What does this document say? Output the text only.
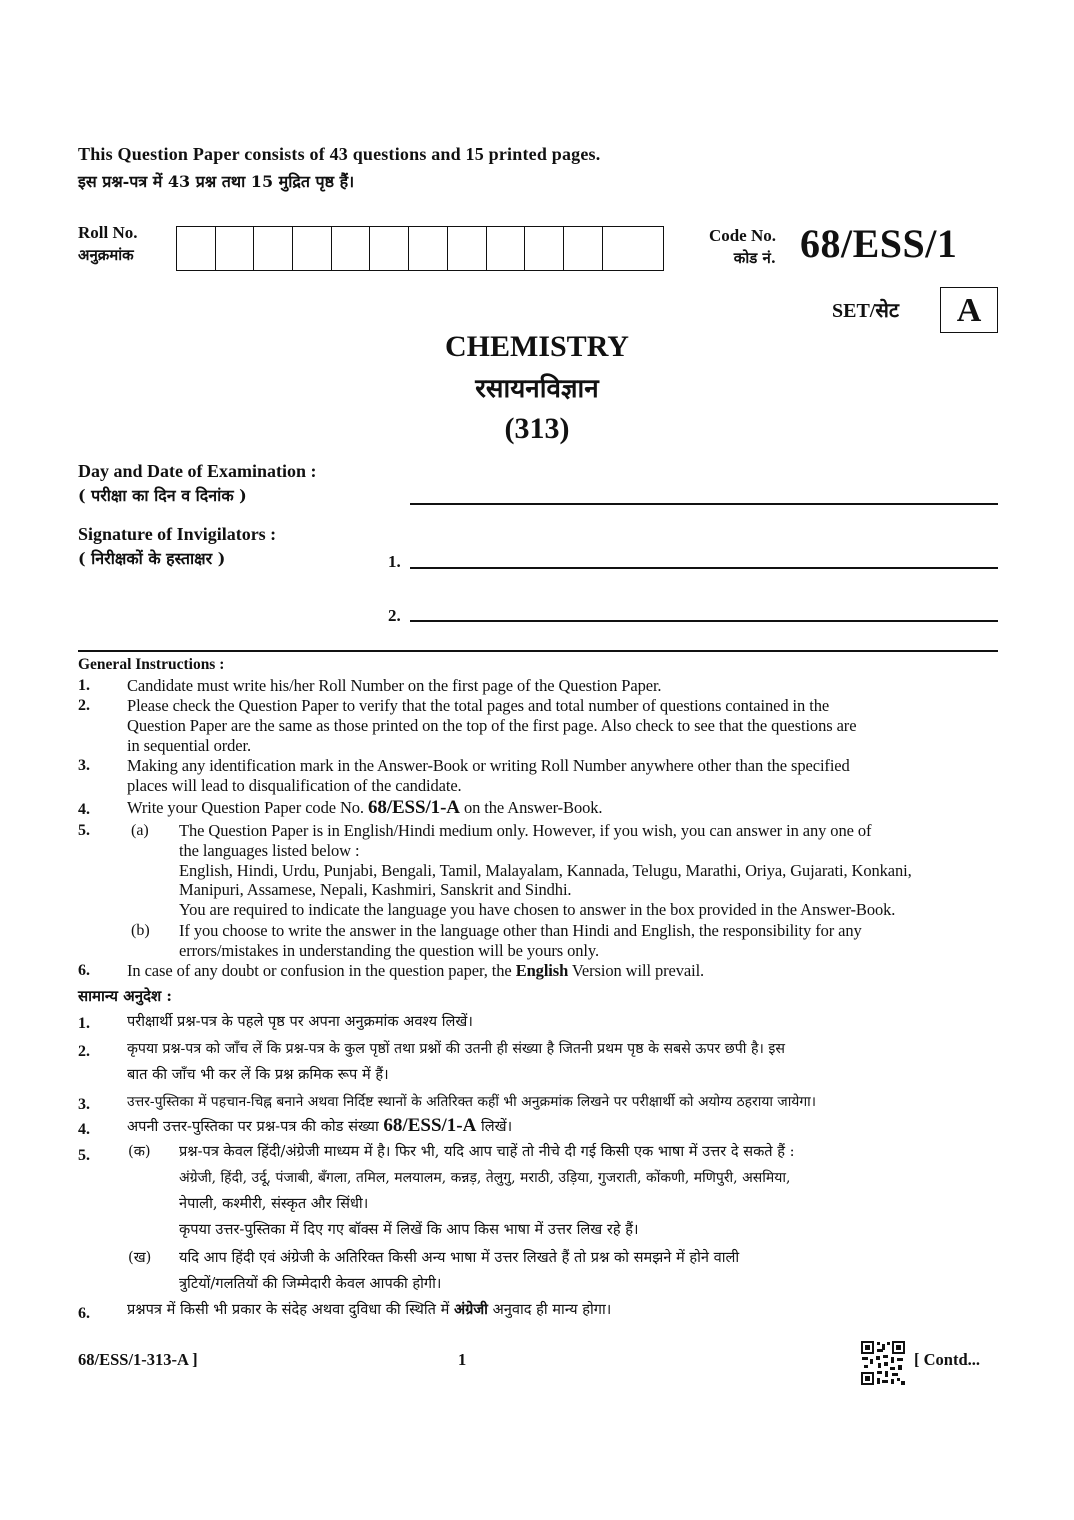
This Question Paper consists of 43 questions and 15 printed pages.
इस प्रश्न-पत्र में 43 प्रश्न तथा 15 मुद्रित पृष्ठ हैं।
Roll No.
अनुक्रमांक
Code No.
कोड नं. 68/ESS/1
SET/सेट	A
CHEMISTRY
रसायनविज्ञान
(313)
Day and Date of Examination :
( परीक्षा का दिन व दिनांक )
Signature of Invigilators :
( निरीक्षकों के हस्ताक्षर )	1.
2.
General Instructions :
1. Candidate must write his/her Roll Number on the first page of the Question Paper.
2. Please check the Question Paper to verify that the total pages and total number of questions contained in the
Question Paper are the same as those printed on the top of the first page. Also check to see that the questions are
in sequential order.
3. Making any identification mark in the Answer-Book or writing Roll Number anywhere other than the specified
places will lead to disqualification of the candidate.
4. Write your Question Paper code No. 68/ESS/1-A on the Answer-Book.
5.	(a) The Question Paper is in English/Hindi medium only. However, if you wish, you can answer in any one of
the languages listed below :
English, Hindi, Urdu, Punjabi, Bengali, Tamil, Malayalam, Kannada, Telugu, Marathi, Oriya, Gujarati, Konkani,
Manipuri, Assamese, Nepali, Kashmiri, Sanskrit and Sindhi.
You are required to indicate the language you have chosen to answer in the box provided in the Answer-Book.
(b) If you choose to write the answer in the language other than Hindi and English, the responsibility for any
errors/mistakes in understanding the question will be yours only.
6. In case of any doubt or confusion in the question paper, the English Version will prevail.
सामान्य अनुदेश :
1.	परीक्षार्थी प्रश्न-पत्र के पहले पृष्ठ पर अपना अनुक्रमांक अवश्य लिखें।
2.	कृपया प्रश्न-पत्र को जाँच लें कि प्रश्न-पत्र के कुल पृष्ठों तथा प्रश्नों की उतनी ही संख्या है जितनी प्रथम पृष्ठ के सबसे ऊपर छपी है। इस
बात की जाँच भी कर लें कि प्रश्न क्रमिक रूप में हैं।
3.	उत्तर-पुस्तिका में पहचान-चिह्न बनाने अथवा निर्दिष्ट स्थानों के अतिरिक्त कहीं भी अनुक्रमांक लिखने पर परीक्षार्थी को अयोग्य ठहराया जायेगा।
4.	अपनी उत्तर-पुस्तिका पर प्रश्न-पत्र की कोड संख्या 68/ESS/1-A लिखें।
5.	(क) प्रश्न-पत्र केवल हिंदी/अंग्रेजी माध्यम में है। फिर भी, यदि आप चाहें तो नीचे दी गई किसी एक भाषा में उत्तर दे सकते हैं :
अंग्रेजी, हिंदी, उर्दू, पंजाबी, बँगला, तमिल, मलयालम, कन्नड़, तेलुगु, मराठी, उड़िया, गुजराती, कोंकणी, मणिपुरी, असमिया,
नेपाली, कश्मीरी, संस्कृत और सिंधी।
कृपया उत्तर-पुस्तिका में दिए गए बॉक्स में लिखें कि आप किस भाषा में उत्तर लिख रहे हैं।
(ख) यदि आप हिंदी एवं अंग्रेजी के अतिरिक्त किसी अन्य भाषा में उत्तर लिखते हैं तो प्रश्न को समझने में होने वाली
त्रुटियों/गलतियों की जिम्मेदारी केवल आपकी होगी।
6.	प्रश्नपत्र में किसी भी प्रकार के संदेह अथवा दुविधा की स्थिति में अंग्रेजी अनुवाद ही मान्य होगा।
68/ESS/1-313-A ]	1	[ Contd...
